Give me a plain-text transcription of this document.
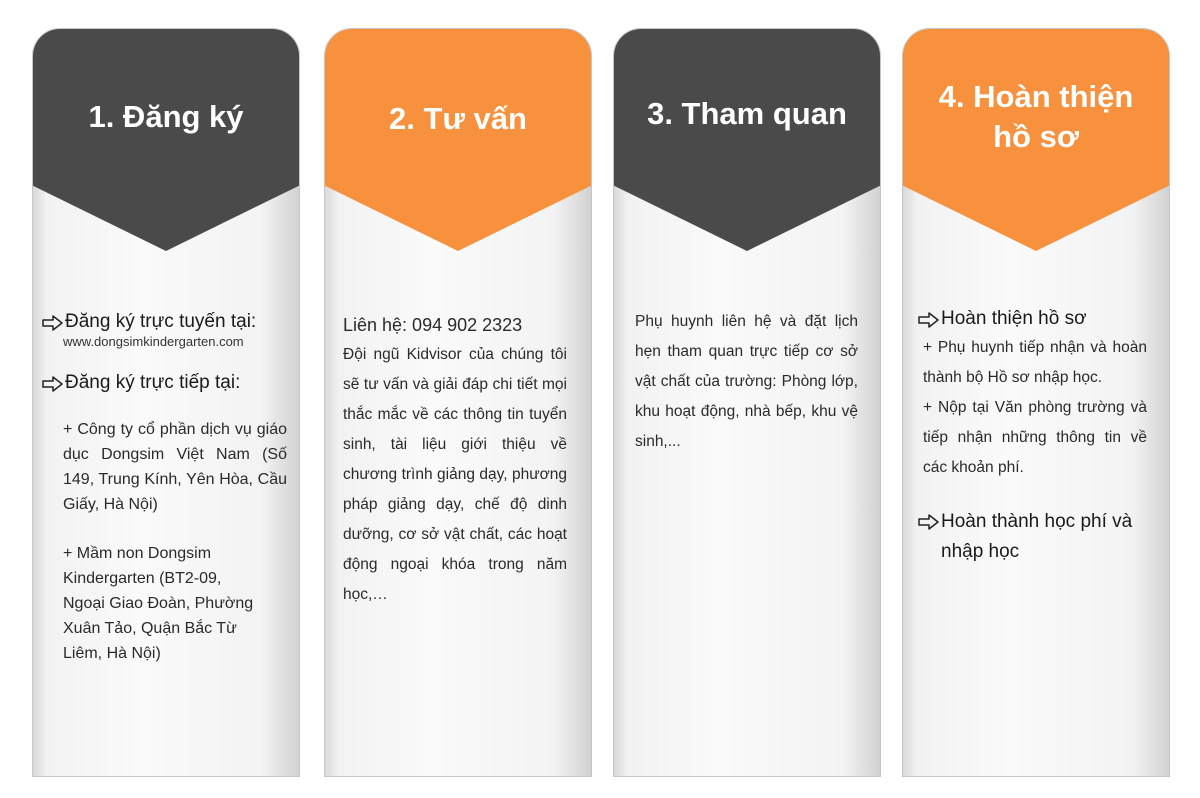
1. Đăng ký
Đăng ký trực tuyến tại:
www.dongsimkindergarten.com
Đăng ký trực tiếp tại:
+ Công ty cổ phần dịch vụ giáo dục Dongsim Việt Nam (Số 149, Trung Kính, Yên Hòa, Cầu Giấy, Hà Nội)
+ Mầm non Dongsim Kindergarten (BT2-09, Ngoại Giao Đoàn, Phường Xuân Tảo, Quận Bắc Từ Liêm, Hà Nội)
2. Tư vấn
Liên hệ: 094 902 2323
Đội ngũ Kidvisor của chúng tôi sẽ tư vấn và giải đáp chi tiết mọi thắc mắc về các thông tin tuyển sinh, tài liệu giới thiệu về chương trình giảng dạy, phương pháp giảng dạy, chế độ dinh dưỡng, cơ sở vật chất, các hoạt động ngoại khóa trong năm học,…
3. Tham quan
Phụ huynh liên hệ và đặt lịch hẹn tham quan trực tiếp cơ sở vật chất của trường: Phòng lớp, khu hoạt động, nhà bếp, khu vệ sinh,...
4. Hoàn thiện
hồ sơ
Hoàn thiện hồ sơ
+ Phụ huynh tiếp nhận và hoàn thành bộ Hồ sơ nhập học.
+ Nộp tại Văn phòng trường và tiếp nhận những thông tin về các khoản phí.
Hoàn thành học phí và nhập học
